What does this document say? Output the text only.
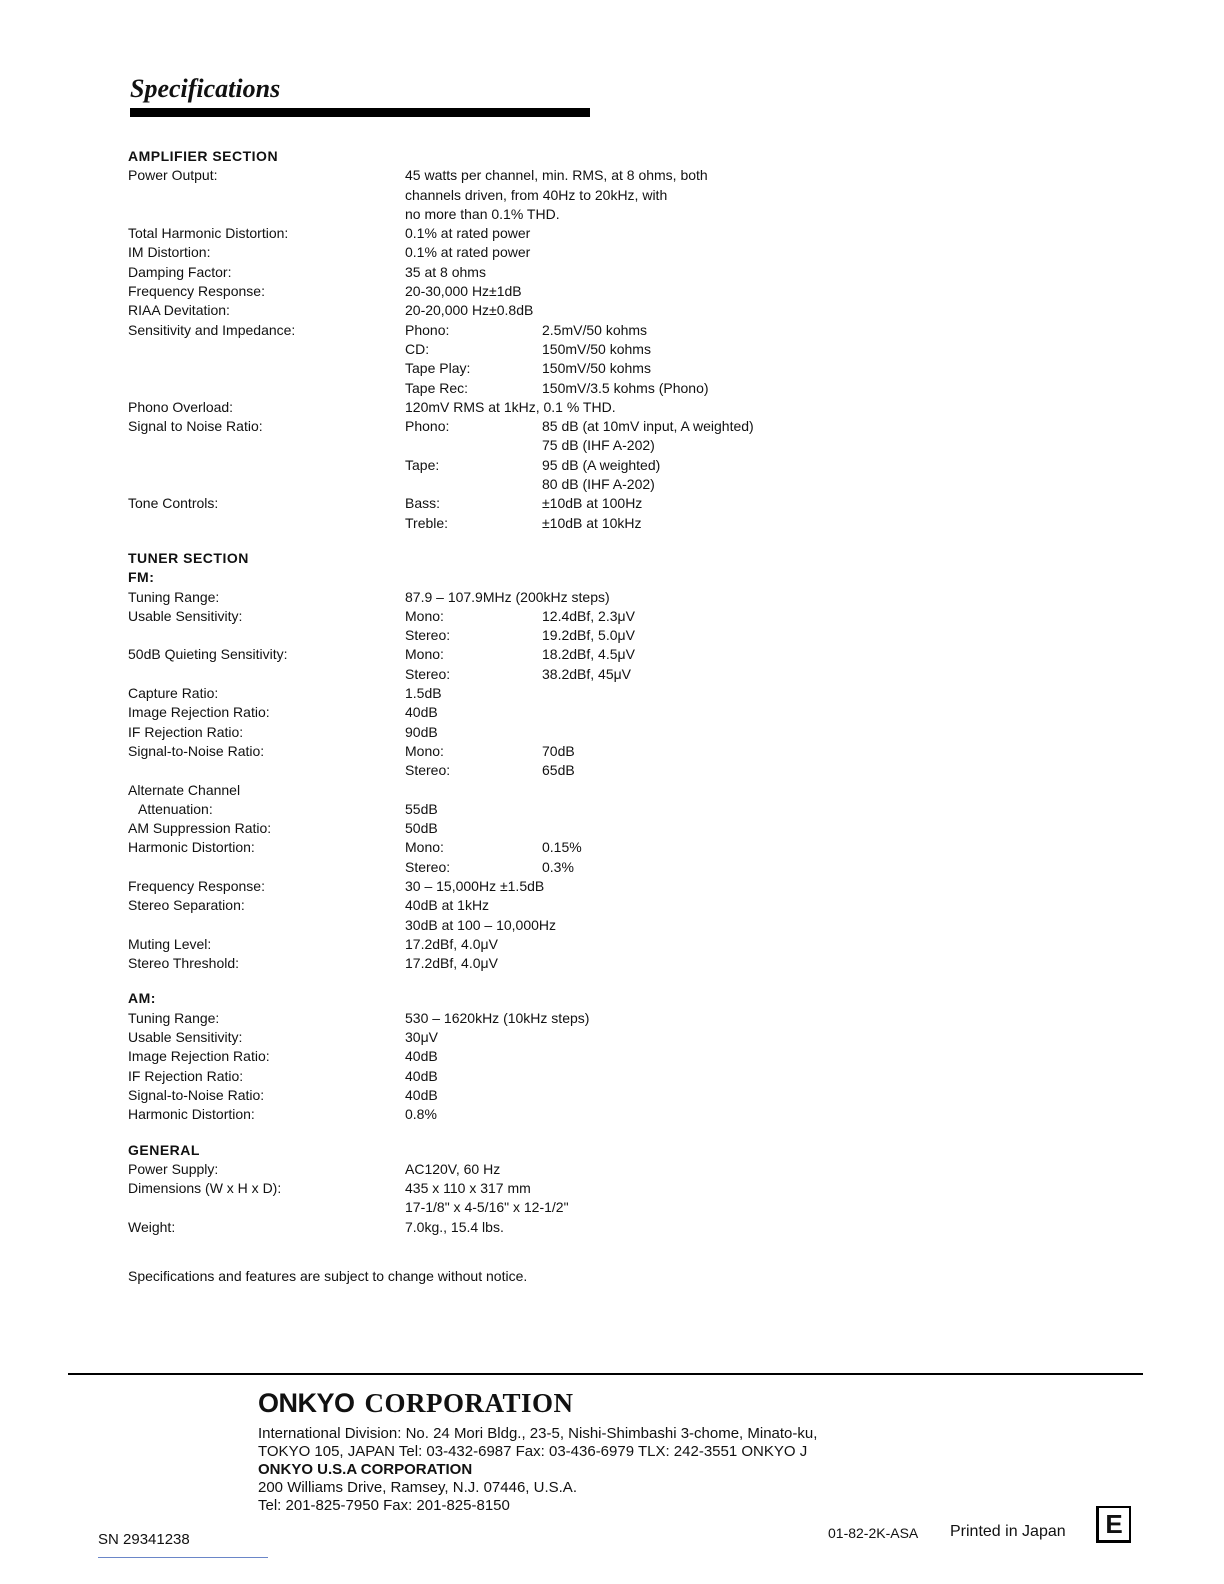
Specifications
AMPLIFIER SECTION
Power Output:	45 watts per channel, min. RMS, at 8 ohms, both
channels driven, from 40Hz to 20kHz, with
no more than 0.1% THD.
Total Harmonic Distortion:	0.1% at rated power
IM Distortion:	0.1% at rated power
Damping Factor:	35 at 8 ohms
Frequency Response:	20-30,000 Hz±1dB
RIAA Devitation:	20-20,000 Hz±0.8dB
Sensitivity and Impedance:	Phono:	2.5mV/50 kohms
CD:	150mV/50 kohms
Tape Play:	150mV/50 kohms
Tape Rec:	150mV/3.5 kohms (Phono)
Phono Overload:	120mV RMS at 1kHz, 0.1 % THD.
Signal to Noise Ratio:	Phono:	85 dB (at 10mV input, A weighted)
75 dB (IHF A-202)
Tape:	95 dB (A weighted)
80 dB (IHF A-202)
Tone Controls:	Bass:	±10dB at 100Hz
Treble:	±10dB at 10kHz
TUNER SECTION
FM:
Tuning Range:	87.9 – 107.9MHz (200kHz steps)
Usable Sensitivity:	Mono:	12.4dBf, 2.3μV
Stereo:	19.2dBf, 5.0μV
50dB Quieting Sensitivity:	Mono:	18.2dBf, 4.5μV
Stereo:	38.2dBf, 45μV
Capture Ratio:	1.5dB
Image Rejection Ratio:	40dB
IF Rejection Ratio:	90dB
Signal-to-Noise Ratio:	Mono:	70dB
Stereo:	65dB
Alternate Channel
Attenuation:	55dB
AM Suppression Ratio:	50dB
Harmonic Distortion:	Mono:	0.15%
Stereo:	0.3%
Frequency Response:	30 – 15,000Hz ±1.5dB
Stereo Separation:	40dB at 1kHz
30dB at 100 – 10,000Hz
Muting Level:	17.2dBf, 4.0μV
Stereo Threshold:	17.2dBf, 4.0μV
AM:
Tuning Range:	530 – 1620kHz (10kHz steps)
Usable Sensitivity:	30μV
Image Rejection Ratio:	40dB
IF Rejection Ratio:	40dB
Signal-to-Noise Ratio:	40dB
Harmonic Distortion:	0.8%
GENERAL
Power Supply:	AC120V, 60 Hz
Dimensions (W x H x D):	435 x 110 x 317 mm
17-1/8" x 4-5/16" x 12-1/2"
Weight:	7.0kg., 15.4 lbs.
Specifications and features are subject to change without notice.
ONKYO CORPORATION
International Division: No. 24 Mori Bldg., 23-5, Nishi-Shimbashi 3-chome, Minato-ku,
TOKYO 105, JAPAN Tel: 03-432-6987 Fax: 03-436-6979 TLX: 242-3551 ONKYO J
ONKYO U.S.A CORPORATION
200 Williams Drive, Ramsey, N.J. 07446, U.S.A.
Tel: 201-825-7950 Fax: 201-825-8150
SN 29341238	01-82-2K-ASA Printed in Japan	E
